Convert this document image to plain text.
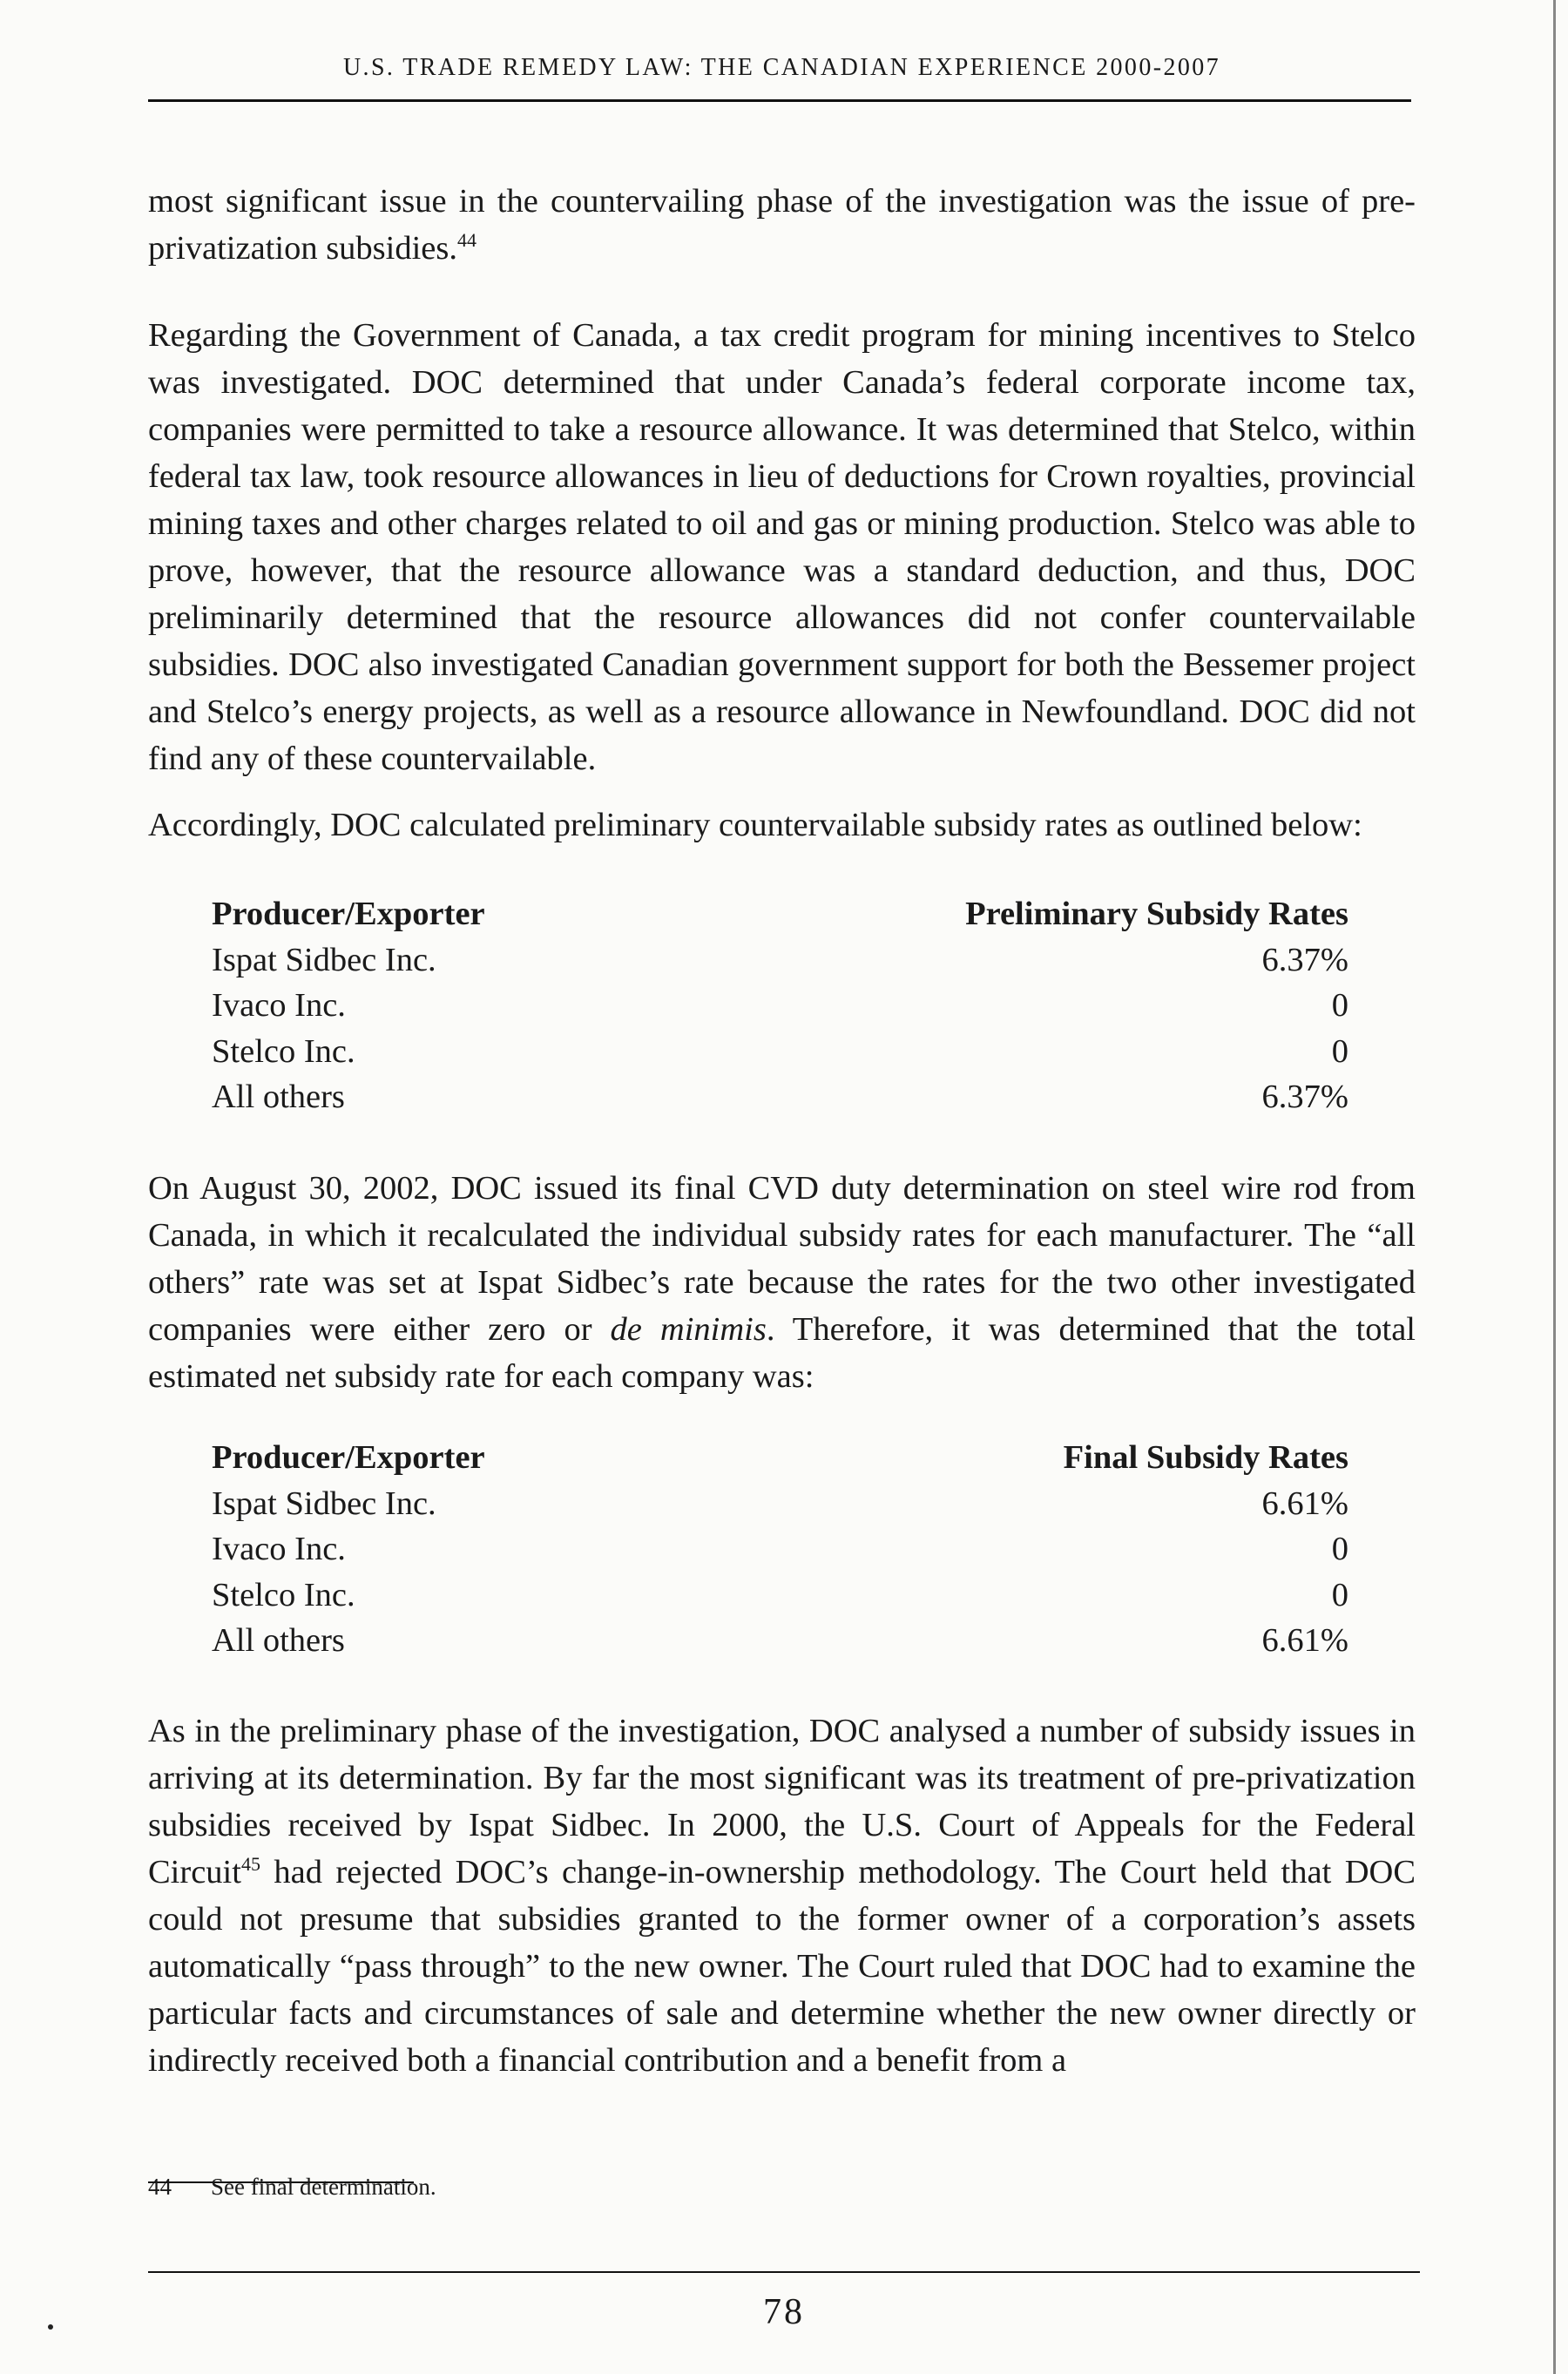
U.S. TRADE REMEDY LAW: THE CANADIAN EXPERIENCE 2000-2007

most significant issue in the countervailing phase of the investigation was the issue of pre-privatization subsidies.$^{44}$

Regarding the Government of Canada, a tax credit program for mining incentives to Stelco was investigated. DOC determined that under Canada’s federal corporate income tax, companies were permitted to take a resource allowance. It was determined that Stelco, within federal tax law, took resource allowances in lieu of deductions for Crown royalties, provincial mining taxes and other charges related to oil and gas or mining production. Stelco was able to prove, however, that the resource allowance was a standard deduction, and thus, DOC preliminarily determined that the resource allowances did not confer countervailable subsidies. DOC also investigated Canadian government support for both the Bessemer project and Stelco’s energy projects, as well as a resource allowance in Newfoundland. DOC did not find any of these countervailable.

Accordingly, DOC calculated preliminary countervailable subsidy rates as outlined below:

Producer/Exporter	Preliminary Subsidy Rates
Ispat Sidbec Inc.	6.37%
Ivaco Inc.	0
Stelco Inc.	0
All others	6.37%

On August 30, 2002, DOC issued its final CVD duty determination on steel wire rod from Canada, in which it recalculated the individual subsidy rates for each manufacturer. The “all others” rate was set at Ispat Sidbec’s rate because the rates for the two other investigated companies were either zero or de minimis. Therefore, it was determined that the total estimated net subsidy rate for each company was:

Producer/Exporter	Final Subsidy Rates
Ispat Sidbec Inc.	6.61%
Ivaco Inc.	0
Stelco Inc.	0
All others	6.61%

As in the preliminary phase of the investigation, DOC analysed a number of subsidy issues in arriving at its determination. By far the most significant was its treatment of pre-privatization subsidies received by Ispat Sidbec. In 2000, the U.S. Court of Appeals for the Federal Circuit$^{45}$ had rejected DOC’s change-in-ownership methodology. The Court held that DOC could not presume that subsidies granted to the former owner of a corporation’s assets automatically “pass through” to the new owner. The Court ruled that DOC had to examine the particular facts and circumstances of sale and determine whether the new owner directly or indirectly received both a financial contribution and a benefit from a

44 See final determination.
78
